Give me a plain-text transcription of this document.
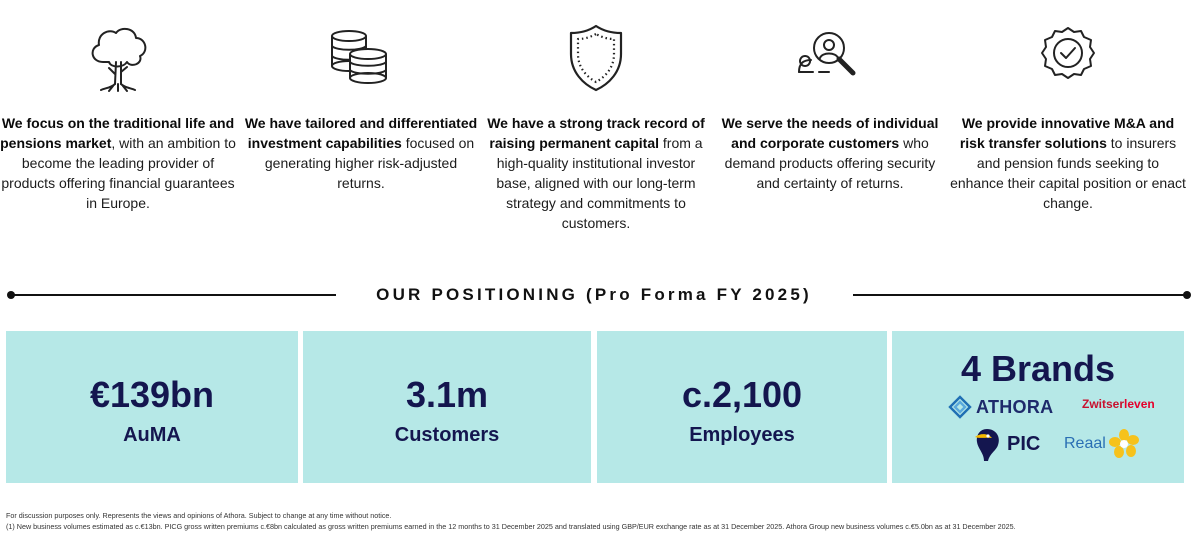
We focus on the traditional life and pensions market, with an ambition to become the leading provider of products offering financial guarantees in Europe.
We have tailored and differentiated investment capabilities focused on generating higher risk-adjusted returns.
We have a strong track record of raising permanent capital from a high-quality institutional investor base, aligned with our long-term strategy and commitments to customers.
We serve the needs of individual and corporate customers who demand products offering security and certainty of returns.
We provide innovative M&A and risk transfer solutions to insurers and pension funds seeking to enhance their capital position or enact change.
OUR POSITIONING (Pro Forma FY 2025)
€139bn
AuMA
3.1m
Customers
c.2,100
Employees
4 Brands
ATHORA Zwitser leven
PIC Reaal
For discussion purposes only. Represents the views and opinions of Athora. Subject to change at any time without notice.
(1) New business volumes estimated as c.€13bn. PICG gross written premiums c.€8bn calculated as gross written premiums earned in the 12 months to 31 December 2025 and translated using GBP/EUR exchange rate as at 31 December 2025. Athora Group new business volumes c.€5.0bn as at 31 December 2025.
